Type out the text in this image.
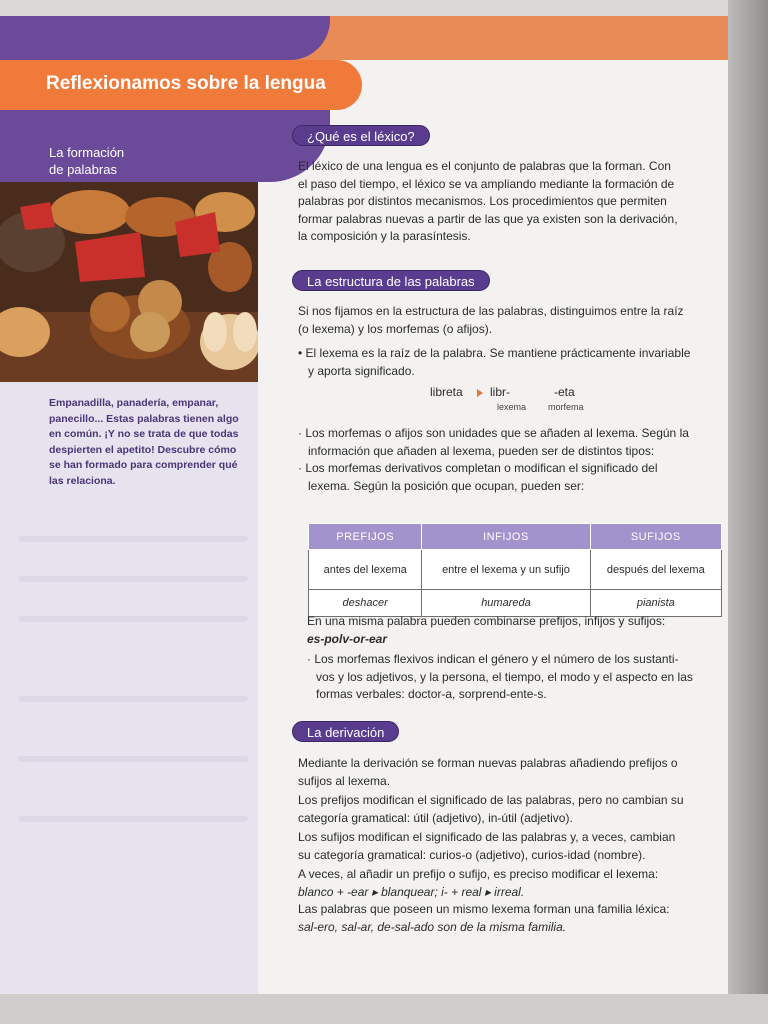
Reflexionamos sobre la lengua
La formación
de palabras
Empanadilla, panadería, empanar, panecillo... Estas palabras tienen algo en común. ¡Y no se trata de que todas despierten el apetito! Descubre cómo se han formado para comprender qué las relaciona.
¿Qué es el léxico?
El léxico de una lengua es el conjunto de palabras que la forman. Con
el paso del tiempo, el léxico se va ampliando mediante la formación de
palabras por distintos mecanismos. Los procedimientos que permiten
formar palabras nuevas a partir de las que ya existen son la derivación,
la composición y la parasíntesis.
La estructura de las palabras
Si nos fijamos en la estructura de las palabras, distinguimos entre la raíz
(o lexema) y los morfemas (o afijos).
• El lexema es la raíz de la palabra. Se mantiene prácticamente invariable
y aporta significado.
libreta libr-	-eta
lexema morfema
· Los morfemas o afijos son unidades que se añaden al lexema. Según la
información que añaden al lexema, pueden ser de distintos tipos:
· Los morfemas derivativos completan o modifican el significado del
lexema. Según la posición que ocupan, pueden ser:
PREFIJOS	INFIJOS	SUFIJOS
antes del lexema	entre el lexema y un sufijo	después del lexema
deshacer	humareda	pianista
En una misma palabra pueden combinarse prefijos, infijos y sufijos:
es-polv-or-ear
· Los morfemas flexivos indican el género y el número de los sustanti-
vos y los adjetivos, y la persona, el tiempo, el modo y el aspecto en las
formas verbales: doctor-a, sorprend-ente-s.
La derivación
Mediante la derivación se forman nuevas palabras añadiendo prefijos o
sufijos al lexema.
Los prefijos modifican el significado de las palabras, pero no cambian su
categoría gramatical: útil (adjetivo), in-útil (adjetivo).
Los sufijos modifican el significado de las palabras y, a veces, cambian
su categoría gramatical: curios-o (adjetivo), curios-idad (nombre).
A veces, al añadir un prefijo o sufijo, es preciso modificar el lexema:
blanco + -ear ▸ blanquear; i- + real ▸ irreal.
Las palabras que poseen un mismo lexema forman una familia léxica:
sal-ero, sal-ar, de-sal-ado son de la misma familia.
